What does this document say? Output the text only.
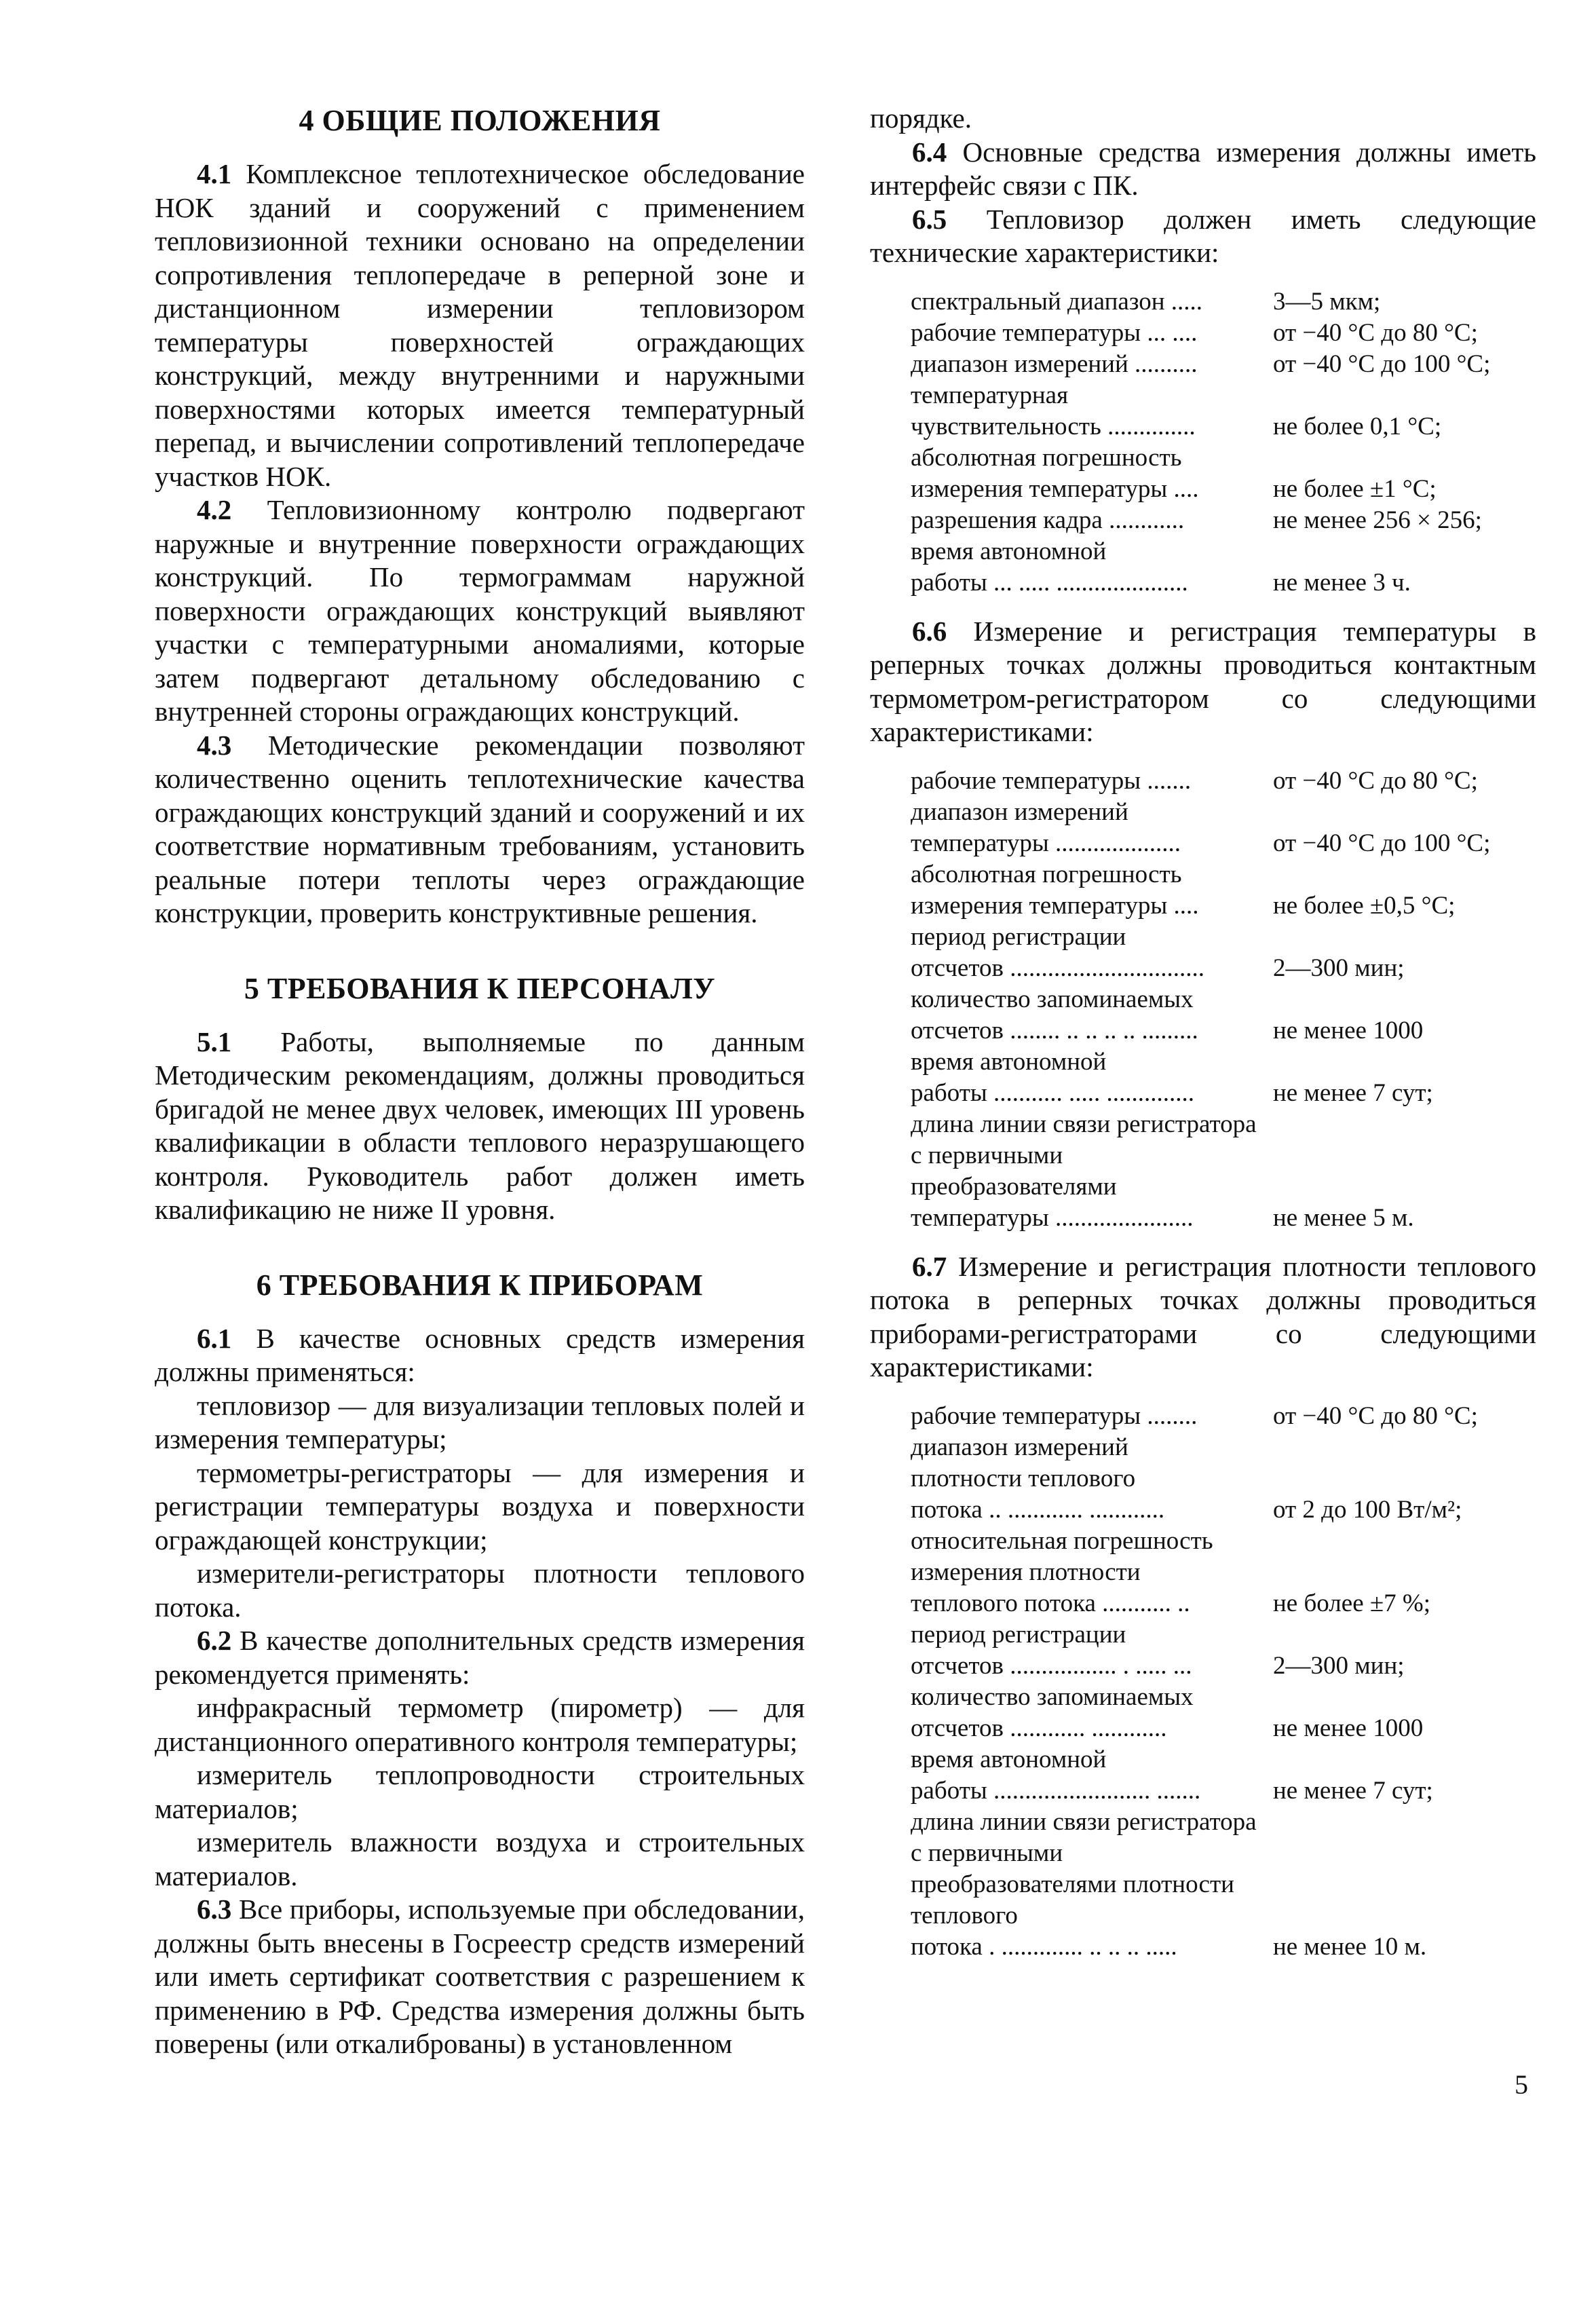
4 ОБЩИЕ ПОЛОЖЕНИЯ

4.1 Комплексное теплотехническое обследование НОК зданий и сооружений с применением тепловизионной техники основано на определении сопротивления теплопередаче в реперной зоне и дистанционном измерении тепловизором температуры поверхностей ограждающих конструкций, между внутренними и наружными поверхностями которых имеется температурный перепад, и вычислении сопротивлений теплопередаче участков НОК.

4.2 Тепловизионному контролю подвергают наружные и внутренние поверхности ограждающих конструкций. По термограммам наружной поверхности ограждающих конструкций выявляют участки с температурными аномалиями, которые затем подвергают детальному обследованию с внутренней стороны ограждающих конструкций.

4.3 Методические рекомендации позволяют количественно оценить теплотехнические качества ограждающих конструкций зданий и сооружений и их соответствие нормативным требованиям, установить реальные потери теплоты через ограждающие конструкции, проверить конструктивные решения.

5 ТРЕБОВАНИЯ К ПЕРСОНАЛУ

5.1 Работы, выполняемые по данным Методическим рекомендациям, должны проводиться бригадой не менее двух человек, имеющих III уровень квалификации в области теплового неразрушающего контроля. Руководитель работ должен иметь квалификацию не ниже II уровня.

6 ТРЕБОВАНИЯ К ПРИБОРАМ

6.1 В качестве основных средств измерения должны применяться:

тепловизор — для визуализации тепловых полей и измерения температуры;

термометры-регистраторы — для измерения и регистрации температуры воздуха и поверхности ограждающей конструкции;

измерители-регистраторы плотности теплового потока.

6.2 В качестве дополнительных средств измерения рекомендуется применять:

инфракрасный термометр (пирометр) — для дистанционного оперативного контроля температуры;

измеритель теплопроводности строительных материалов;

измеритель влажности воздуха и строительных материалов.

6.3 Все приборы, используемые при обследовании, должны быть внесены в Госреестр средств измерений или иметь сертификат соответствия с разрешением к применению в РФ. Средства измерения должны быть поверены (или откалиброваны) в установленном

порядке.

6.4 Основные средства измерения должны иметь интерфейс связи с ПК.

6.5 Тепловизор должен иметь следующие технические характеристики:

спектральный диапазон .....	3—5 мкм;
рабочие температуры ... ....	от −40 °С до 80 °С;
диапазон измерений ..........	от −40 °С до 100 °С;
температурная	
чувствительность ..............	не более 0,1 °С;
абсолютная погрешность	
измерения температуры ....	не более ±1 °С;
разрешения кадра ............	не менее 256 × 256;
время автономной	
работы ... ..... .....................	не менее 3 ч.

6.6 Измерение и регистрация температуры в реперных точках должны проводиться контактным термометром-регистратором со следующими характеристиками:

рабочие температуры .......	от −40 °С до 80 °С;
диапазон измерений	
температуры ....................	от −40 °С до 100 °С;
абсолютная погрешность	
измерения температуры ....	не более ±0,5 °С;
период регистрации	
отсчетов ...............................	2—300 мин;
количество запоминаемых	
отсчетов ........ .. .. .. .. .........	не менее 1000
время автономной	
работы ........... ..... ..............	не менее 7 сут;
длина линии связи регистратора с первичными преобразователями	
температуры ......................	не менее 5 м.

6.7 Измерение и регистрация плотности теплового потока в реперных точках должны проводиться приборами-регистраторами со следующими характеристиками:

рабочие температуры ........	от −40 °С до 80 °С;
диапазон измерений	
плотности теплового	
потока .. ............ ............	от 2 до 100 Вт/м²;
относительная погрешность	
измерения плотности	
теплового потока ........... ..	не более ±7 %;
период регистрации	
отсчетов ................. . ..... ...	2—300 мин;
количество запоминаемых	
отсчетов ............ ............	не менее 1000
время автономной	
работы ......................... .......	не менее 7 сут;
длина линии связи регистратора с первичными преобразователями плотности теплового	
потока . ............. .. .. .. .....	не менее 10 м.
5
